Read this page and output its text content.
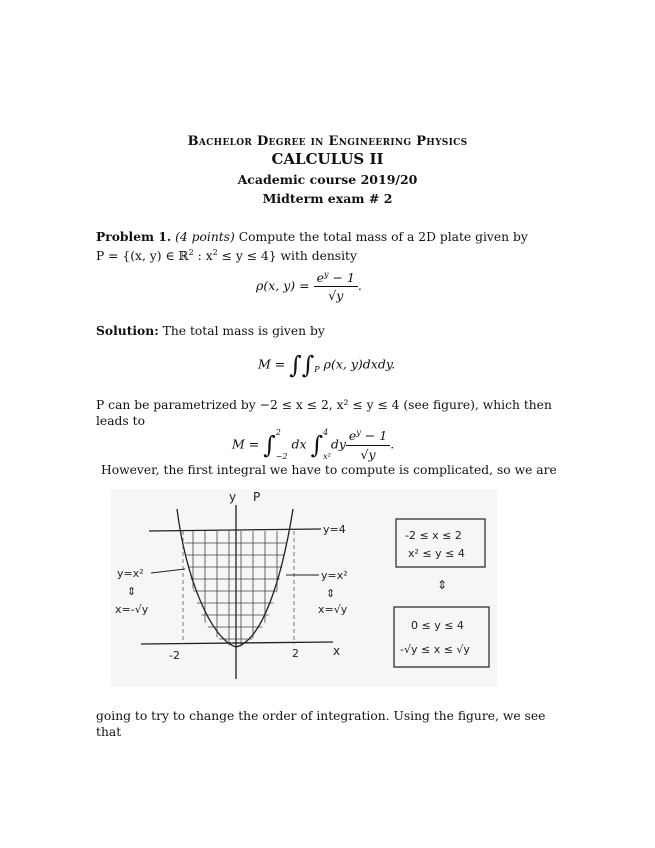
Bachelor Degree in Engineering Physics
CALCULUS II
Academic course 2019/20
Midterm exam # 2
Problem 1. (4 points) Compute the total mass of a 2D plate given by
P = {(x, y) ∈ ℝ$^2$ : $x^2 \le y \le 4$} with density
ρ(x, $y) = \frac{e^y - 1}{√y}$ .
Solution: The total mass is given by
$M = \int\int_P$ ρ(x, y)dxdy.
P can be parametrized by −2 ≤ x ≤ 2, x² ≤ y ≤ 4 (see figure), which then
leads to
M = ∫ 2
−2
dx ∫ 4
x²
dy $\frac{e^y - 1}{√y}$ .
However, the first integral we have to compute is complicated, so we are
y P
y=4
y=x²
⇕
x=√y
y=x²
⇕
x=-√y
-2	2	x
-2 ≤ x ≤ 2
x² ≤ y ≤ 4
⇕
0 ≤ y ≤ 4
-√y ≤ x ≤ √y
going to try to change the order of integration. Using the figure, we see that
